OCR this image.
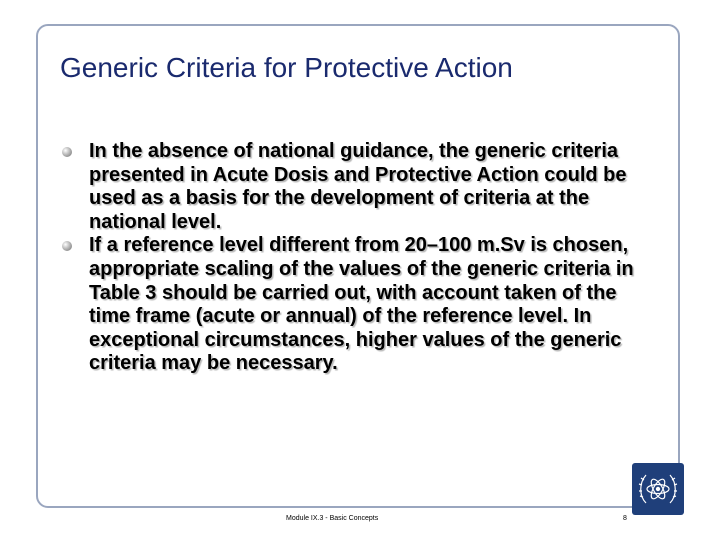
Generic Criteria for Protective Action
In the absence of national guidance, the generic criteria presented in Acute Dosis and Protective Action could be used as a basis for the development of criteria at the national level.
If a reference level different from 20–100 m.Sv is chosen, appropriate scaling of the values of the generic criteria in Table 3 should be carried out, with account taken of the time frame (acute or annual) of the reference level. In exceptional circumstances, higher values of the generic criteria may be necessary.
Module IX.3 - Basic Concepts	8
